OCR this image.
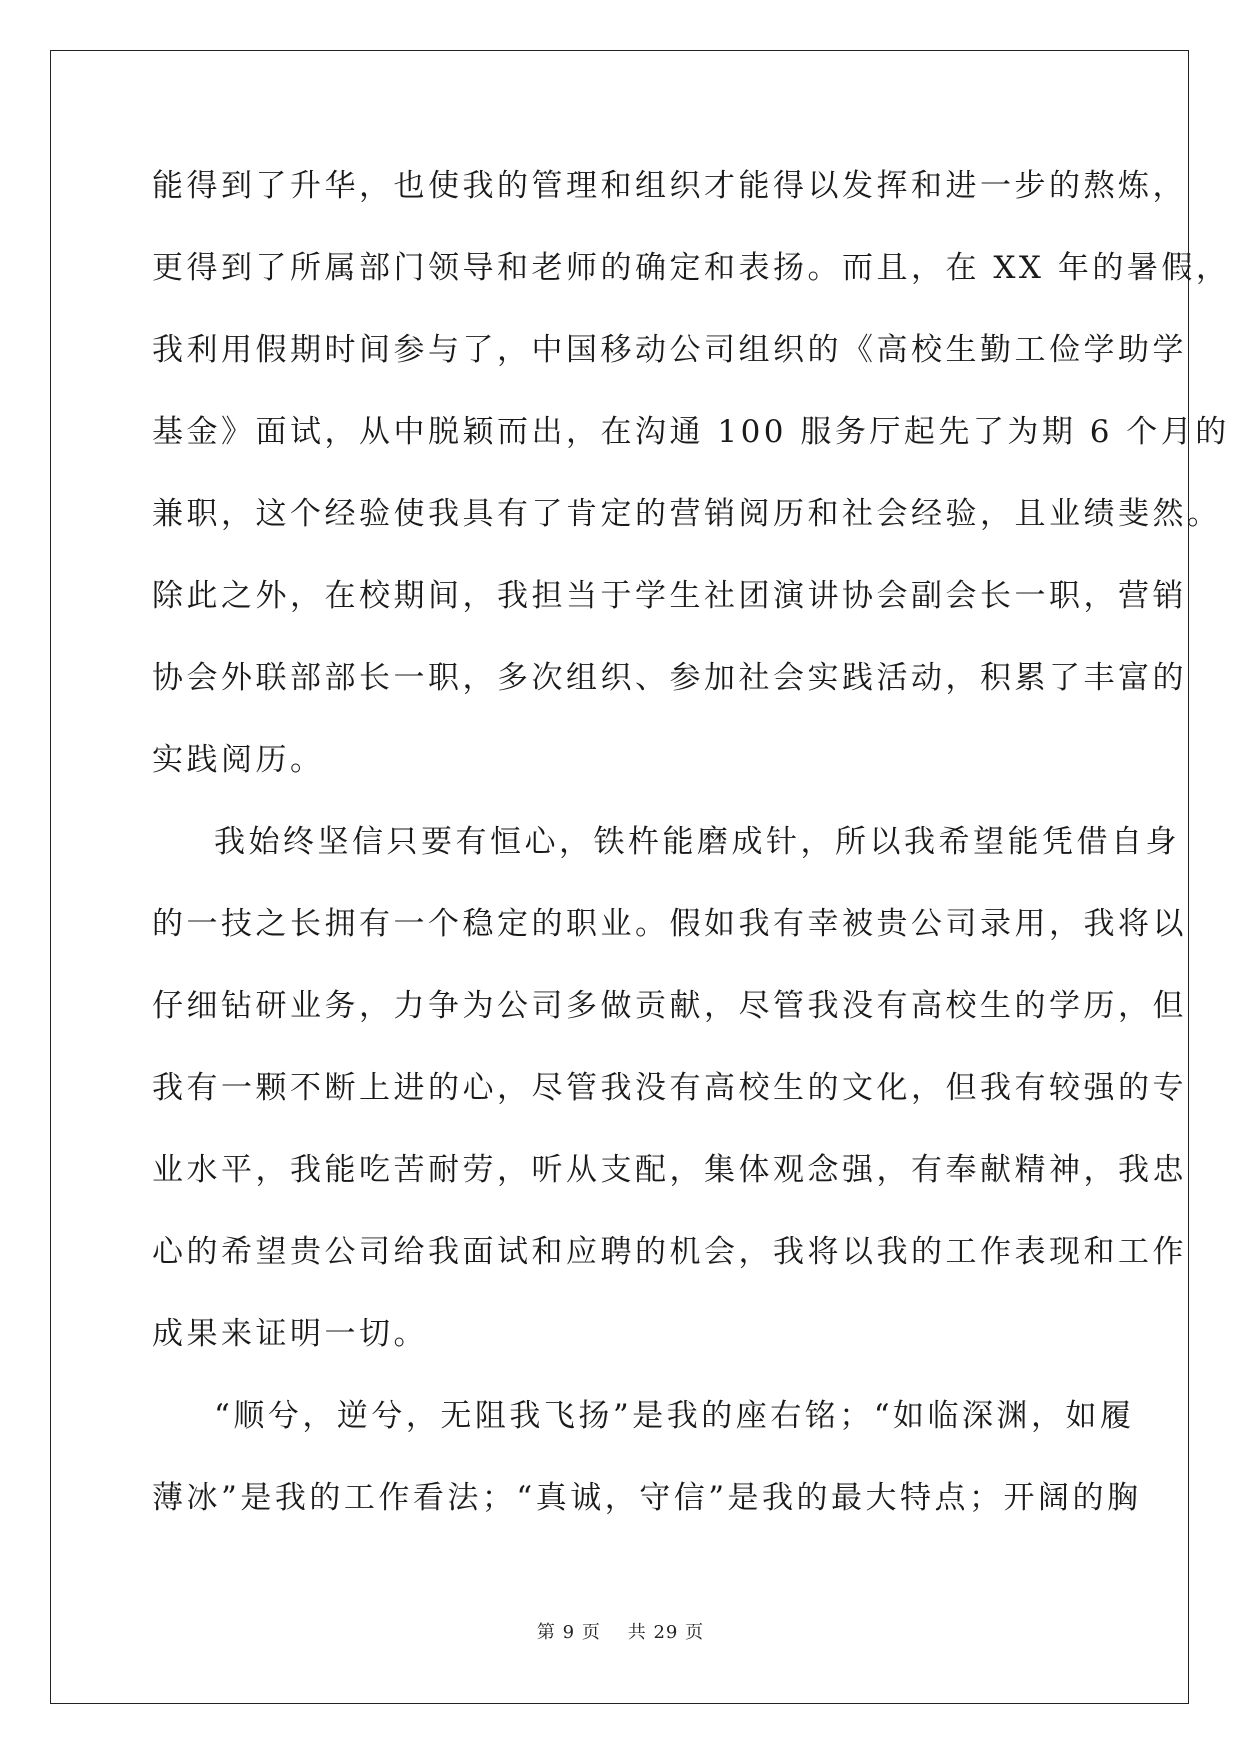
能得到了升华，也使我的管理和组织才能得以发挥和进一步的熬炼，
更得到了所属部门领导和老师的确定和表扬。而且，在 XX 年的暑假，
我利用假期时间参与了，中国移动公司组织的《高校生勤工俭学助学
基金》面试，从中脱颖而出，在沟通 100 服务厅起先了为期 6 个月的
兼职，这个经验使我具有了肯定的营销阅历和社会经验，且业绩斐然。
除此之外，在校期间，我担当于学生社团演讲协会副会长一职，营销
协会外联部部长一职，多次组织、参加社会实践活动，积累了丰富的
实践阅历。
我始终坚信只要有恒心，铁杵能磨成针，所以我希望能凭借自身
的一技之长拥有一个稳定的职业。假如我有幸被贵公司录用，我将以
仔细钻研业务，力争为公司多做贡献，尽管我没有高校生的学历，但
我有一颗不断上进的心，尽管我没有高校生的文化，但我有较强的专
业水平，我能吃苦耐劳，听从支配，集体观念强，有奉献精神，我忠
心的希望贵公司给我面试和应聘的机会，我将以我的工作表现和工作
成果来证明一切。
“顺兮，逆兮，无阻我飞扬”是我的座右铭；“如临深渊，如履
薄冰”是我的工作看法；“真诚，守信”是我的最大特点；开阔的胸
第 9 页 共 29 页
